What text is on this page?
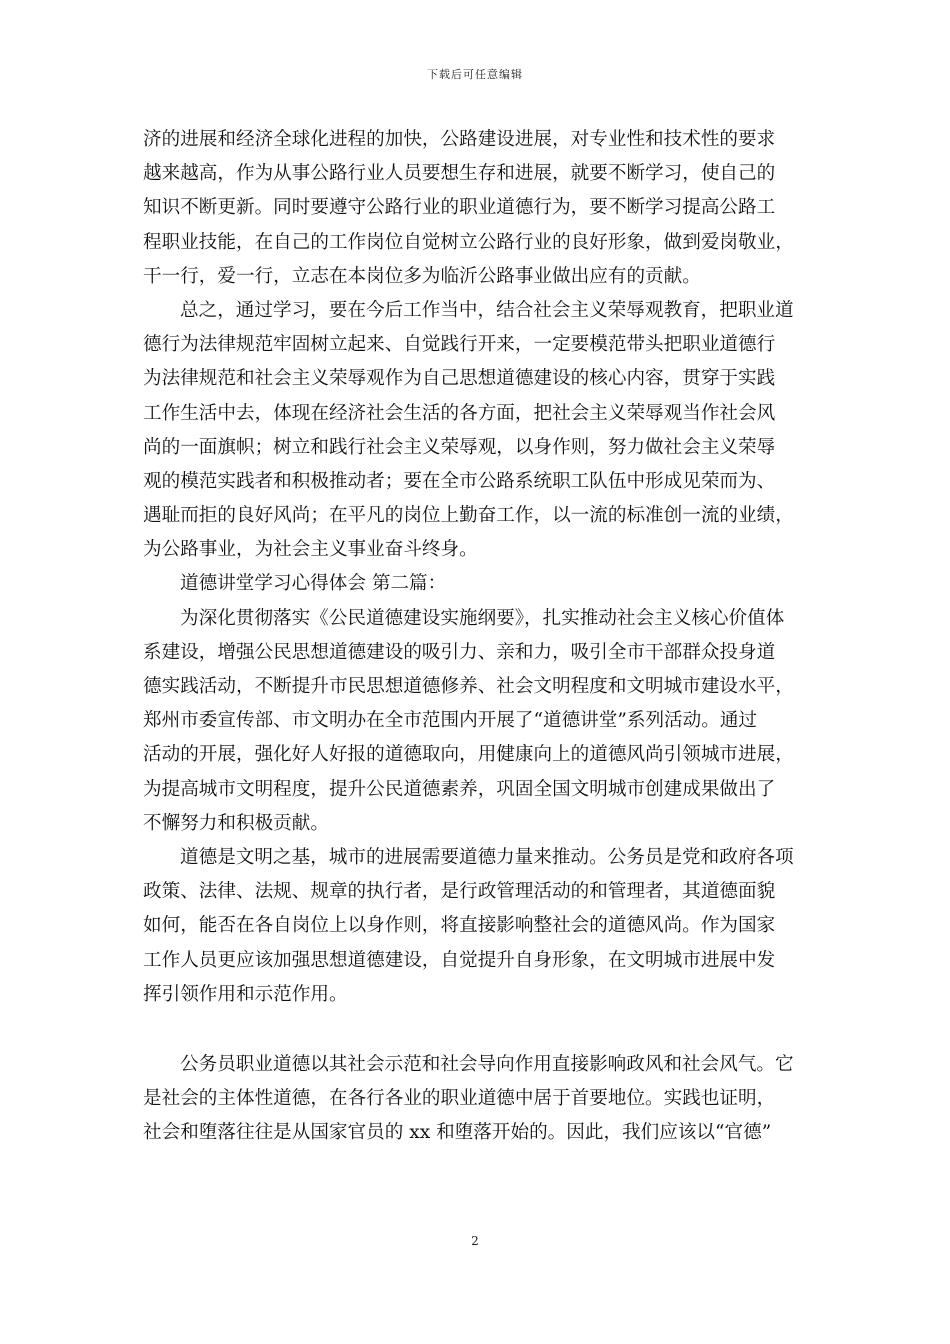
下载后可任意编辑
济的进展和经济全球化进程的加快，公路建设进展，对专业性和技术性的要求
越来越高，作为从事公路行业人员要想生存和进展，就要不断学习，使自己的
知识不断更新。同时要遵守公路行业的职业道德行为，要不断学习提高公路工
程职业技能，在自己的工作岗位自觉树立公路行业的良好形象，做到爱岗敬业，
干一行，爱一行，立志在本岗位多为临沂公路事业做出应有的贡献。
总之，通过学习，要在今后工作当中，结合社会主义荣辱观教育，把职业道
德行为法律规范牢固树立起来、自觉践行开来，一定要模范带头把职业道德行
为法律规范和社会主义荣辱观作为自己思想道德建设的核心内容，贯穿于实践
工作生活中去，体现在经济社会生活的各方面，把社会主义荣辱观当作社会风
尚的一面旗帜；树立和践行社会主义荣辱观，以身作则，努力做社会主义荣辱
观的模范实践者和积极推动者；要在全市公路系统职工队伍中形成见荣而为、
遇耻而拒的良好风尚；在平凡的岗位上勤奋工作，以一流的标准创一流的业绩，
为公路事业，为社会主义事业奋斗终身。
道德讲堂学习心得体会 第二篇：
为深化贯彻落实《公民道德建设实施纲要》，扎实推动社会主义核心价值体
系建设，增强公民思想道德建设的吸引力、亲和力，吸引全市干部群众投身道
德实践活动，不断提升市民思想道德修养、社会文明程度和文明城市建设水平，
郑州市委宣传部、市文明办在全市范围内开展了“道德讲堂”系列活动。通过
活动的开展，强化好人好报的道德取向，用健康向上的道德风尚引领城市进展，
为提高城市文明程度，提升公民道德素养，巩固全国文明城市创建成果做出了
不懈努力和积极贡献。
道德是文明之基，城市的进展需要道德力量来推动。公务员是党和政府各项
政策、法律、法规、规章的执行者，是行政管理活动的和管理者，其道德面貌
如何，能否在各自岗位上以身作则，将直接影响整社会的道德风尚。作为国家
工作人员更应该加强思想道德建设，自觉提升自身形象，在文明城市进展中发
挥引领作用和示范作用。
公务员职业道德以其社会示范和社会导向作用直接影响政风和社会风气。它
是社会的主体性道德，在各行各业的职业道德中居于首要地位。实践也证明，
社会和堕落往往是从国家官员的 xx 和堕落开始的。因此，我们应该以“官德”
2
